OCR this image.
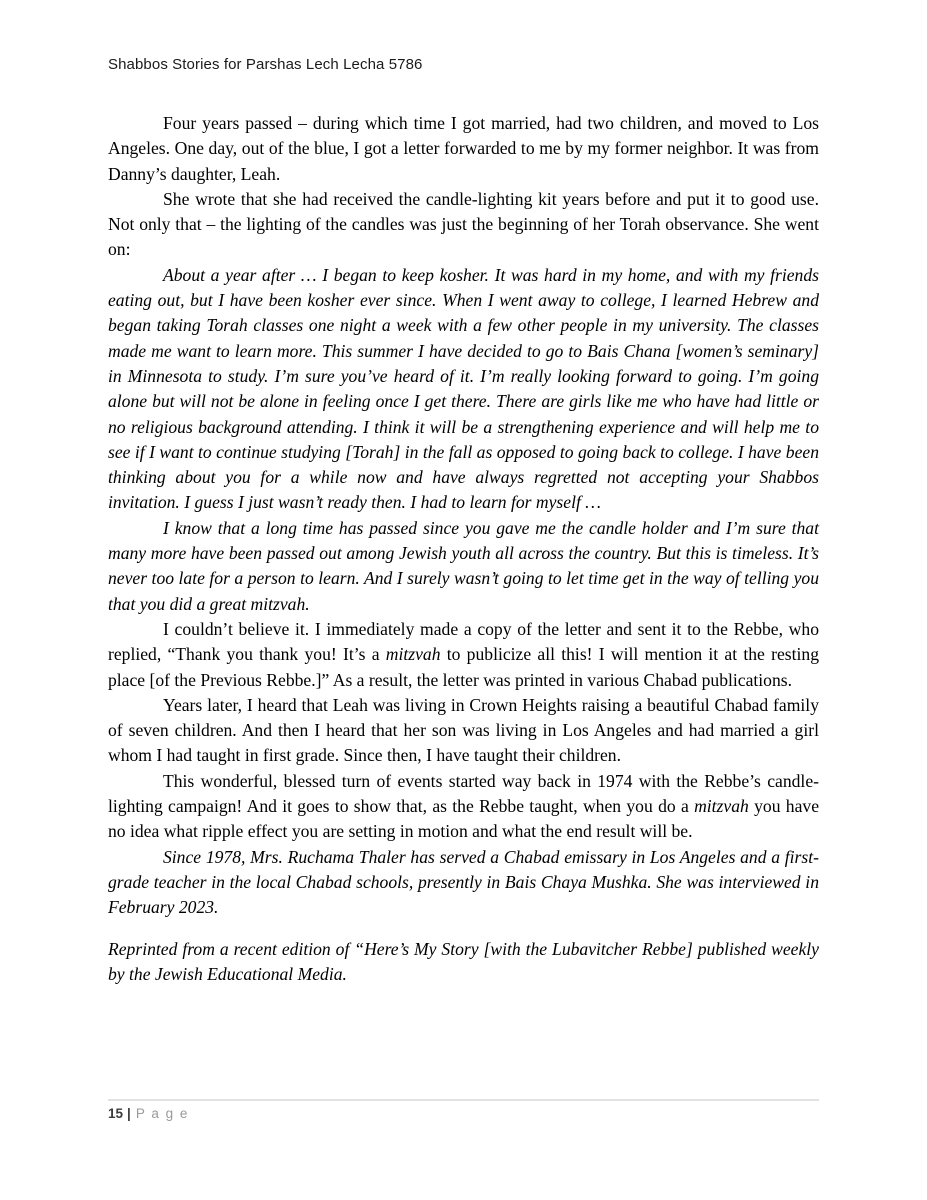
Shabbos Stories for Parshas Lech Lecha 5786

Four years passed – during which time I got married, had two children, and moved to Los Angeles. One day, out of the blue, I got a letter forwarded to me by my former neighbor. It was from Danny’s daughter, Leah.

She wrote that she had received the candle-lighting kit years before and put it to good use. Not only that – the lighting of the candles was just the beginning of her Torah observance. She went on:

About a year after … I began to keep kosher. It was hard in my home, and with my friends eating out, but I have been kosher ever since. When I went away to college, I learned Hebrew and began taking Torah classes one night a week with a few other people in my university. The classes made me want to learn more. This summer I have decided to go to Bais Chana [women’s seminary] in Minnesota to study. I’m sure you’ve heard of it. I’m really looking forward to going. I’m going alone but will not be alone in feeling once I get there. There are girls like me who have had little or no religious background attending. I think it will be a strengthening experience and will help me to see if I want to continue studying [Torah] in the fall as opposed to going back to college. I have been thinking about you for a while now and have always regretted not accepting your Shabbos invitation. I guess I just wasn’t ready then. I had to learn for myself …

I know that a long time has passed since you gave me the candle holder and I’m sure that many more have been passed out among Jewish youth all across the country. But this is timeless. It’s never too late for a person to learn. And I surely wasn’t going to let time get in the way of telling you that you did a great mitzvah.

I couldn’t believe it. I immediately made a copy of the letter and sent it to the Rebbe, who replied, “Thank you thank you! It’s a mitzvah to publicize all this! I will mention it at the resting place [of the Previous Rebbe.]” As a result, the letter was printed in various Chabad publications.

Years later, I heard that Leah was living in Crown Heights raising a beautiful Chabad family of seven children. And then I heard that her son was living in Los Angeles and had married a girl whom I had taught in first grade. Since then, I have taught their children.

This wonderful, blessed turn of events started way back in 1974 with the Rebbe’s candle-lighting campaign! And it goes to show that, as the Rebbe taught, when you do a mitzvah you have no idea what ripple effect you are setting in motion and what the end result will be.

Since 1978, Mrs. Ruchama Thaler has served a Chabad emissary in Los Angeles and a first-grade teacher in the local Chabad schools, presently in Bais Chaya Mushka. She was interviewed in February 2023.

Reprinted from a recent edition of “Here’s My Story [with the Lubavitcher Rebbe] published weekly by the Jewish Educational Media.

15 | P a g e
